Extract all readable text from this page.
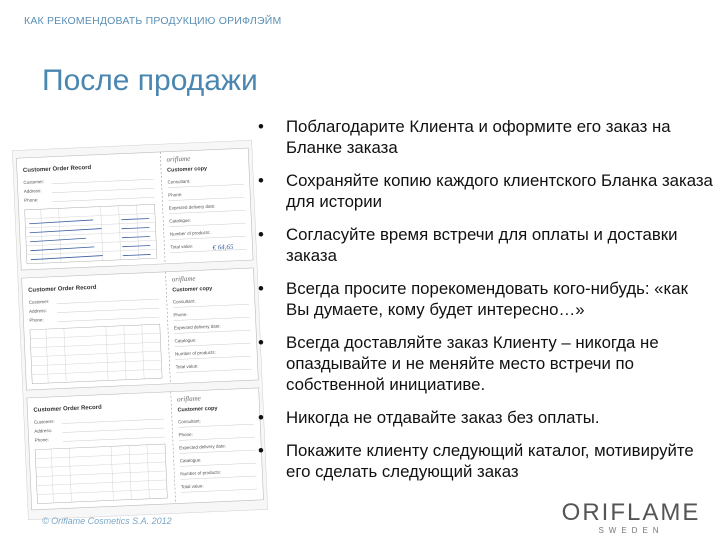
КАК РЕКОМЕНДОВАТЬ ПРОДУКЦИЮ ОРИФЛЭЙМ
После продажи
Customer Order Record
oriflame
Customer copy
Customer:
Address:
Phone:
Consultant:
Phone:
Expected delivery date:
Catalogue:
Number of products:
Total value:	€ 64,65
Customer Order Record
oriflame
Customer copy
Customer:
Address:
Phone:
Consultant:
Phone:
Expected delivery date:
Catalogue:
Number of products:
Total value:
Customer Order Record
oriflame
Customer copy
Customer:
Address:
Phone:
Consultant:
Phone:
Expected delivery date:
Catalogue:
Number of products:
Total value:
• Поблагодарите Клиента и оформите его заказ на Бланке заказа
• Сохраняйте копию каждого клиентского Бланка заказа для истории
• Согласуйте время встречи для оплаты и доставки заказа
• Всегда просите порекомендовать кого-нибудь: «как Вы думаете, кому будет интересно…»
• Всегда доставляйте заказ Клиенту – никогда не опаздывайте и не меняйте место встречи по собственной инициативе.
• Никогда не отдавайте заказ без оплаты.
• Покажите клиенту следующий каталог, мотивируйте его сделать следующий заказ
© Oriflame Cosmetics S.A. 2012	ORIFLAME
SWEDEN
